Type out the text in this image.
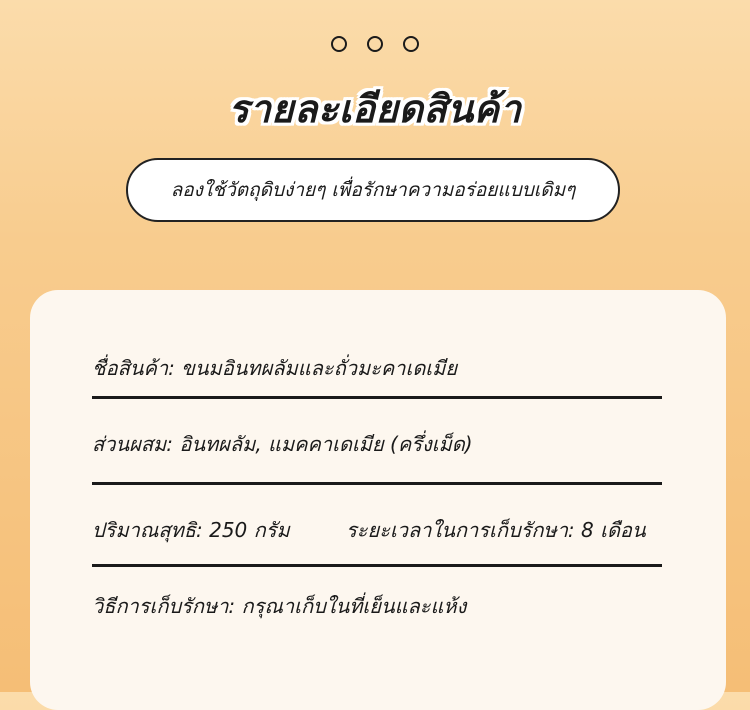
รายละเอียดสินค้า
ลองใช้วัตถุดิบง่ายๆ เพื่อรักษาความอร่อยแบบเดิมๆ
ชื่อสินค้า: ขนมอินทผลัมและถั่วมะคาเดเมีย
ส่วนผสม: อินทผลัม, แมคคาเดเมีย (ครึ่งเม็ด)
ปริมาณสุทธิ: 250 กรัม	ระยะเวลาในการเก็บรักษา: 8 เดือน
วิธีการเก็บรักษา: กรุณาเก็บในที่เย็นและแห้ง
